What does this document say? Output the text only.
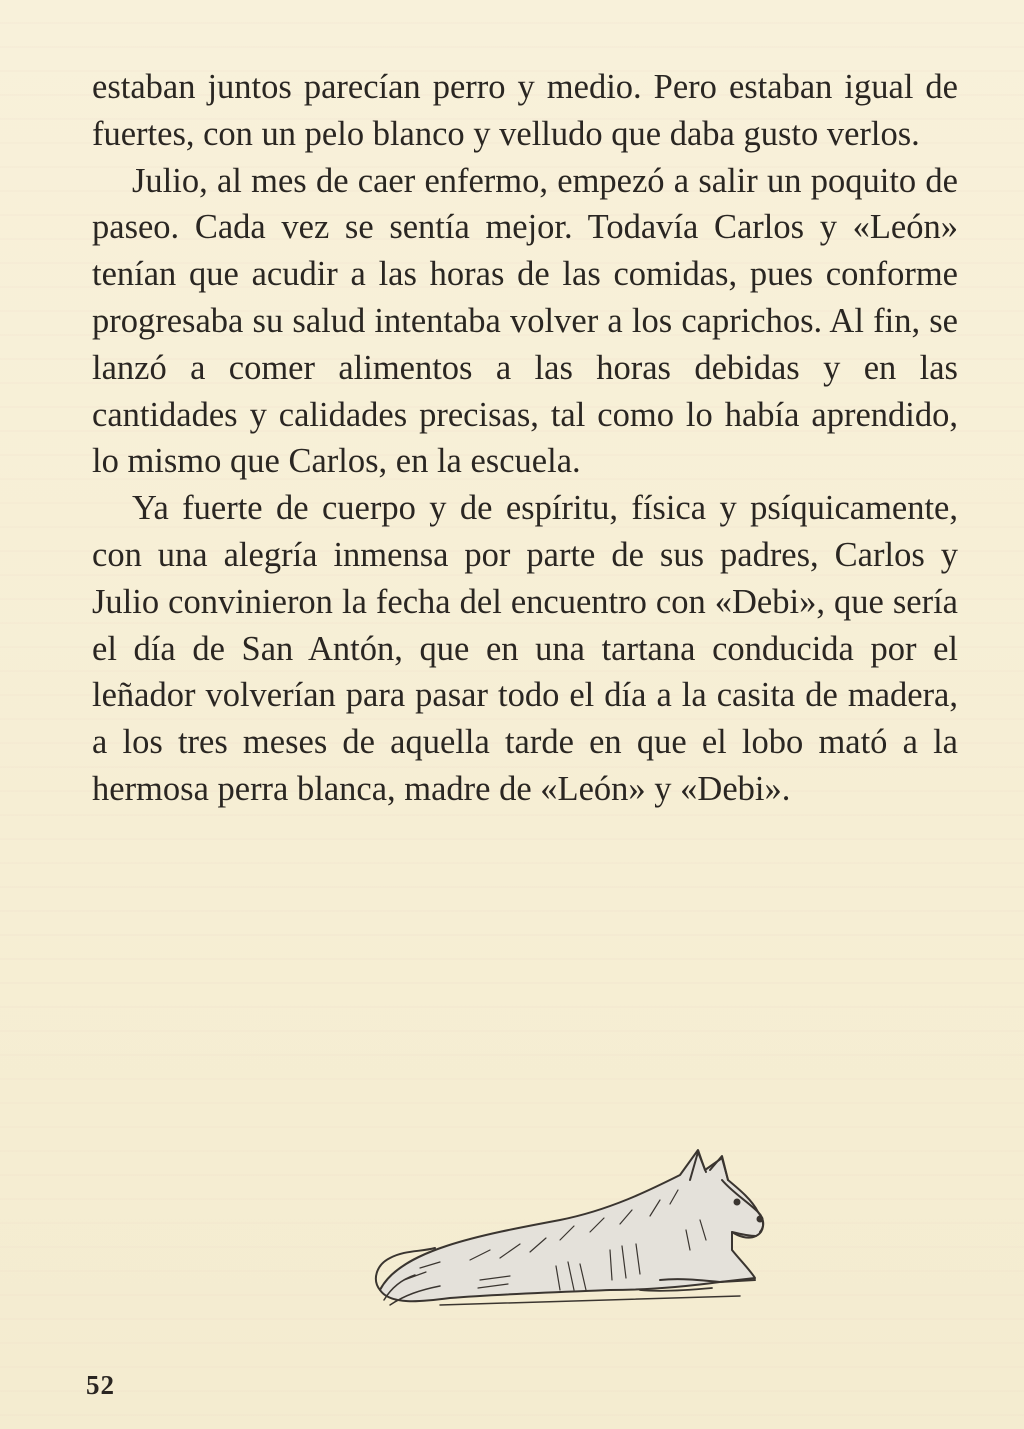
estaban juntos parecían perro y medio. Pero estaban igual de fuertes, con un pelo blanco y velludo que daba gusto verlos.

Julio, al mes de caer enfermo, empezó a salir un poquito de paseo. Cada vez se sentía mejor. Todavía Carlos y «León» tenían que acudir a las horas de las comidas, pues conforme progresaba su salud intentaba volver a los caprichos. Al fin, se lanzó a comer alimentos a las horas debidas y en las cantidades y calidades precisas, tal como lo había aprendido, lo mismo que Carlos, en la escuela.

Ya fuerte de cuerpo y de espíritu, física y psíquicamente, con una alegría inmensa por parte de sus padres, Carlos y Julio convinieron la fecha del encuentro con «Debi», que sería el día de San Antón, que en una tartana conducida por el leñador volverían para pasar todo el día a la casita de madera, a los tres meses de aquella tarde en que el lobo mató a la hermosa perra blanca, madre de «León» y «Debi».

52
